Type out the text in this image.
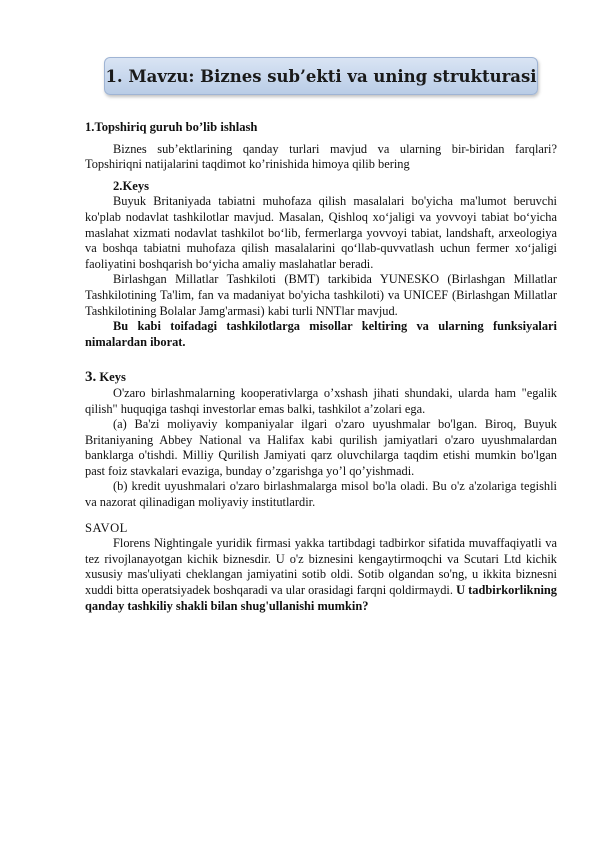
1. Mavzu: Biznes sub’ekti va uning strukturasi

1.Topshiriq guruh bo’lib ishlash

Biznes sub’ektlarining qanday turlari mavjud va ularning bir-biridan farqlari? Topshiriqni natijalarini taqdimot ko’rinishida himoya qilib bering

2.Keys

Buyuk Britaniyada tabiatni muhofaza qilish masalalari bo'yicha ma'lumot beruvchi ko'plab nodavlat tashkilotlar mavjud. Masalan, Qishloq xo‘jaligi va yovvoyi tabiat bo‘yicha maslahat xizmati nodavlat tashkilot bo‘lib, fermerlarga yovvoyi tabiat, landshaft, arxeologiya va boshqa tabiatni muhofaza qilish masalalarini qo‘llab-quvvatlash uchun fermer xo‘jaligi faoliyatini boshqarish bo‘yicha amaliy maslahatlar beradi.

Birlashgan Millatlar Tashkiloti (BMT) tarkibida YUNESKO (Birlashgan Millatlar Tashkilotining Ta'lim, fan va madaniyat bo'yicha tashkiloti) va UNICEF (Birlashgan Millatlar Tashkilotining Bolalar Jamg'armasi) kabi turli NNTlar mavjud.

Bu kabi toifadagi tashkilotlarga misollar keltiring va ularning funksiyalari nimalardan iborat.

3. Keys

O'zaro birlashmalarning kooperativlarga o’xshash jihati shundaki, ularda ham "egalik qilish" huquqiga tashqi investorlar emas balki, tashkilot a’zolari ega.

(a) Ba'zi moliyaviy kompaniyalar ilgari o'zaro uyushmalar bo'lgan. Biroq, Buyuk Britaniyaning Abbey National va Halifax kabi qurilish jamiyatlari o'zaro uyushmalardan banklarga o'tishdi. Milliy Qurilish Jamiyati qarz oluvchilarga taqdim etishi mumkin bo'lgan past foiz stavkalari evaziga, bunday o’zgarishga yo’l qo’yishmadi.

(b) kredit uyushmalari o'zaro birlashmalarga misol bo'la oladi. Bu o'z a'zolariga tegishli va nazorat qilinadigan moliyaviy institutlardir.

SAVOL

Florens Nightingale yuridik firmasi yakka tartibdagi tadbirkor sifatida muvaffaqiyatli va tez rivojlanayotgan kichik biznesdir. U o'z biznesini kengaytirmoqchi va Scutari Ltd kichik xususiy mas'uliyati cheklangan jamiyatini sotib oldi. Sotib olgandan so'ng, u ikkita biznesni xuddi bitta operatsiyadek boshqaradi va ular orasidagi farqni qoldirmaydi. U tadbirkorlikning qanday tashkiliy shakli bilan shug'ullanishi mumkin?
